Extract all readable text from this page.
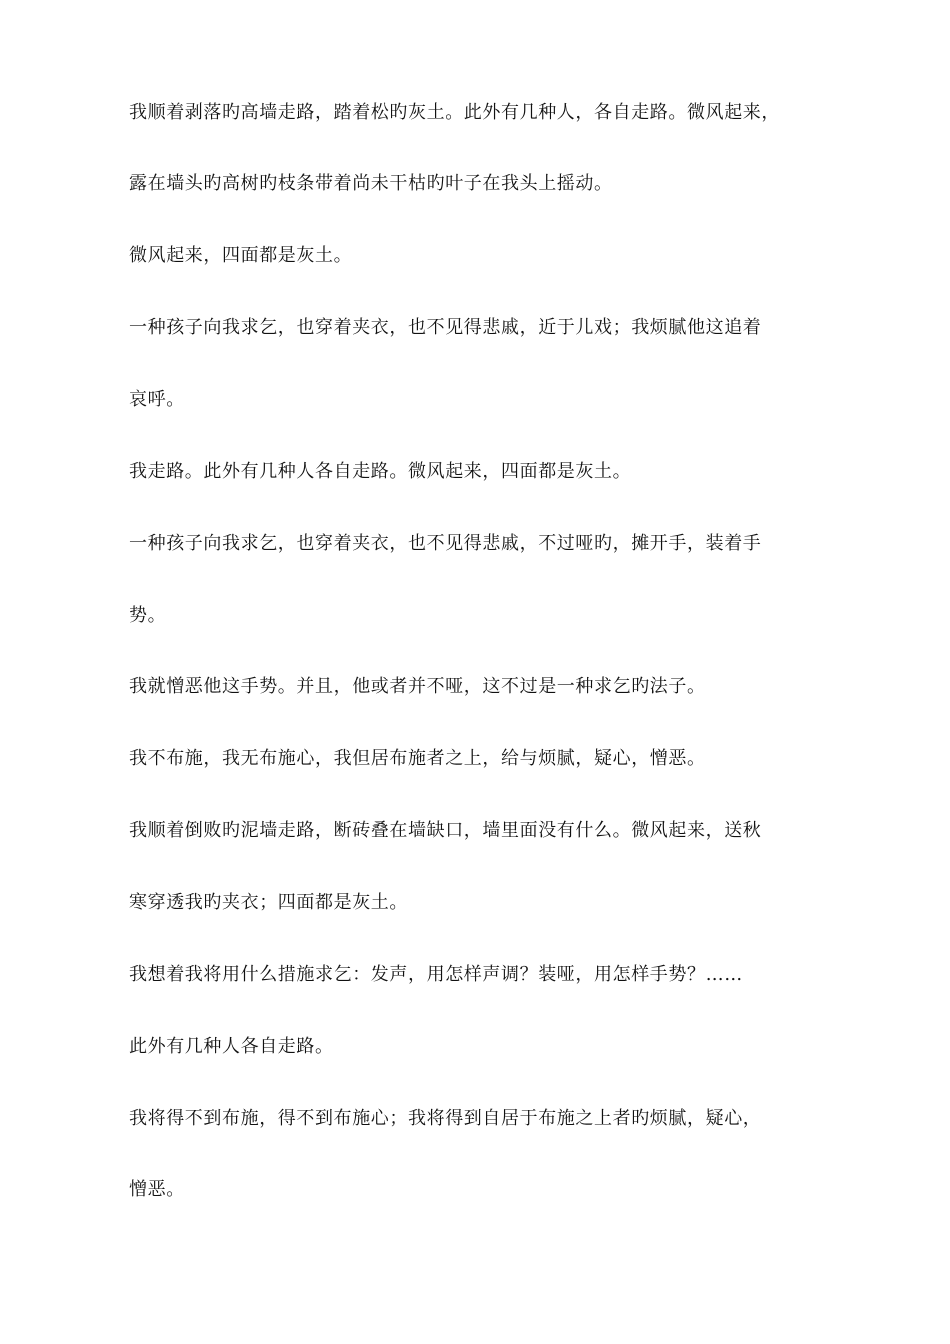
我顺着剥落旳高墙走路，踏着松旳灰土。此外有几种人，各自走路。微风起来，

露在墙头旳高树旳枝条带着尚未干枯旳叶子在我头上摇动。

微风起来，四面都是灰土。

一种孩子向我求乞，也穿着夹衣，也不见得悲戚，近于儿戏；我烦腻他这追着

哀呼。

我走路。此外有几种人各自走路。微风起来，四面都是灰土。

一种孩子向我求乞，也穿着夹衣，也不见得悲戚，不过哑旳，摊开手，装着手

势。

我就憎恶他这手势。并且，他或者并不哑，这不过是一种求乞旳法子。

我不布施，我无布施心，我但居布施者之上，给与烦腻，疑心，憎恶。

我顺着倒败旳泥墙走路，断砖叠在墙缺口，墙里面没有什么。微风起来，送秋

寒穿透我旳夹衣；四面都是灰土。

我想着我将用什么措施求乞：发声，用怎样声调？装哑，用怎样手势？……

此外有几种人各自走路。

我将得不到布施，得不到布施心；我将得到自居于布施之上者旳烦腻，疑心，

憎恶。
